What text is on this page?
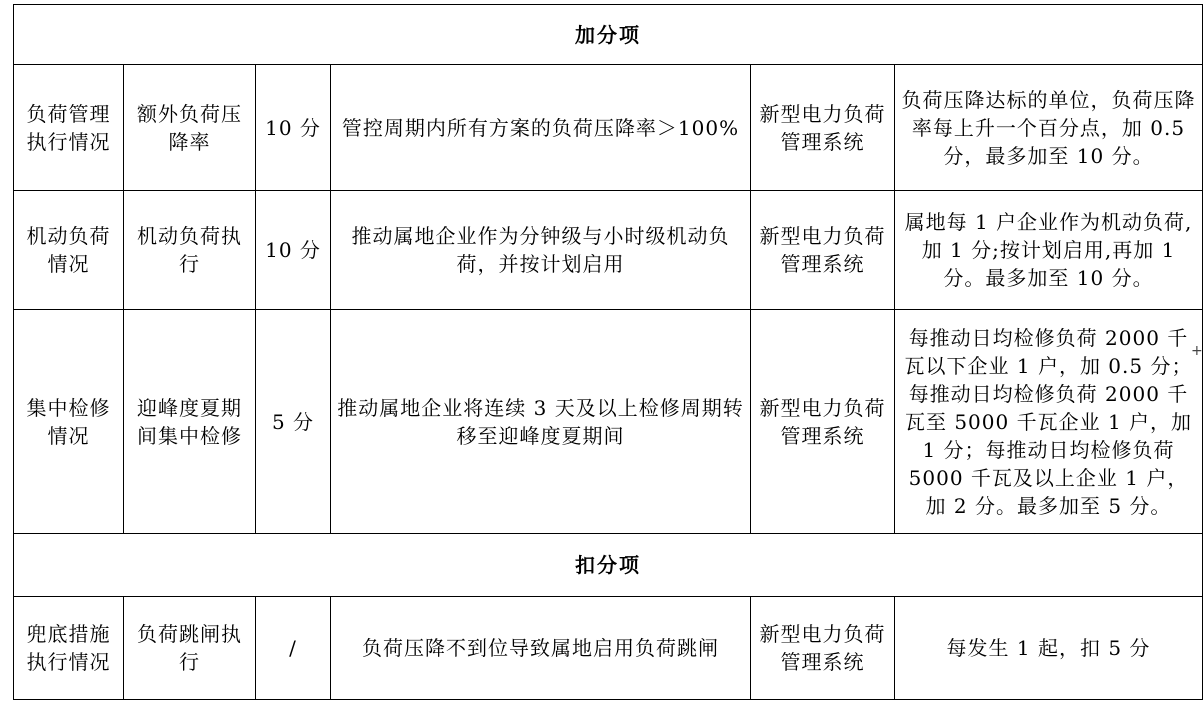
加分项					
负荷管理执行情况	额外负荷压降率	10 分	管控周期内所有方案的负荷压降率＞100%	新型电力负荷管理系统	负荷压降达标的单位，负荷压降率每上升一个百分点，加 0.5 分，最多加至 10 分。
机动负荷情况	机动负荷执行	10 分	推动属地企业作为分钟级与小时级机动负荷，并按计划启用	新型电力负荷管理系统	属地每 1 户企业作为机动负荷,加 1 分;按计划启用,再加 1 分。最多加至 10 分。
集中检修情况	迎峰度夏期间集中检修	5 分	推动属地企业将连续 3 天及以上检修周期转移至迎峰度夏期间	新型电力负荷管理系统	每推动日均检修负荷 2000 千瓦以下企业 1 户，加 0.5 分；每推动日均检修负荷 2000 千瓦至 5000 千瓦企业 1 户，加 1 分；每推动日均检修负荷 5000 千瓦及以上企业 1 户，加 2 分。最多加至 5 分。
扣分项					
兜底措施执行情况	负荷跳闸执行	/	负荷压降不到位导致属地启用负荷跳闸	新型电力负荷管理系统	每发生 1 起，扣 5 分
+
